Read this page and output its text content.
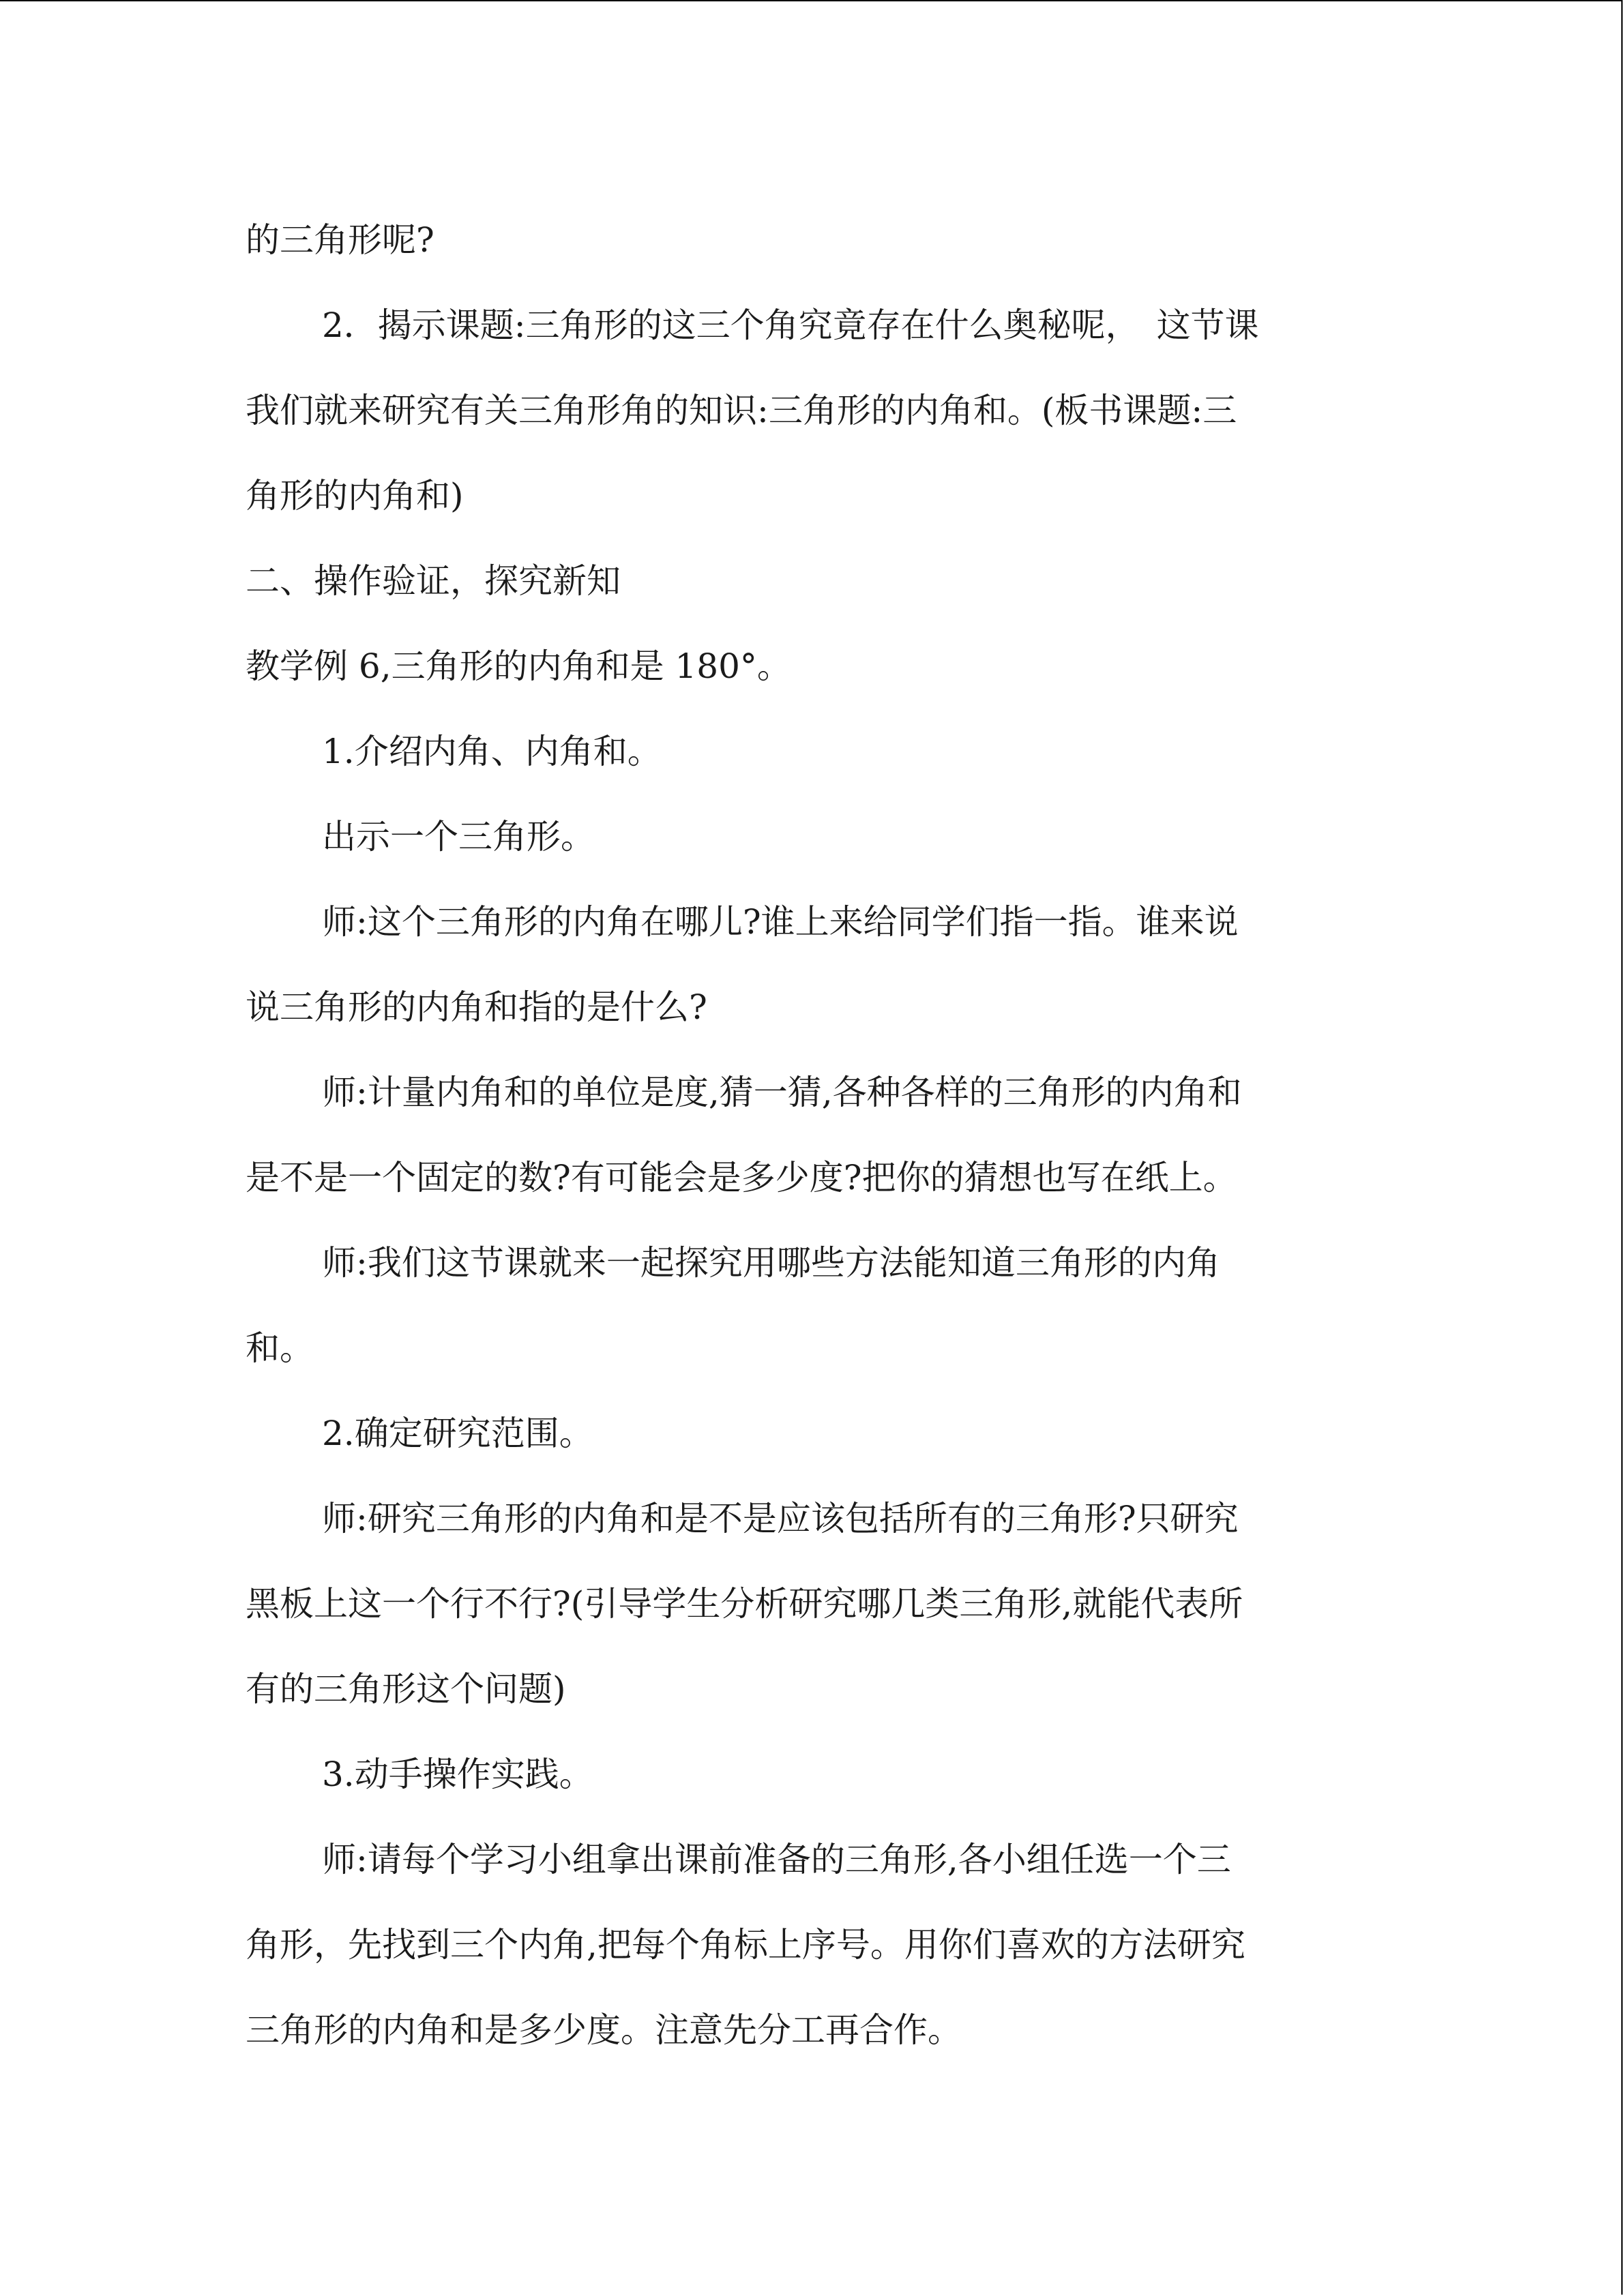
的三角形呢?
2．揭示课题:三角形的这三个角究竟存在什么奥秘呢，　这节课
我们就来研究有关三角形角的知识:三角形的内角和。(板书课题:三
角形的内角和)
二、操作验证，探究新知
教学例 6,三角形的内角和是 180°。
1.介绍内角、内角和。
出示一个三角形。
师:这个三角形的内角在哪儿?谁上来给同学们指一指。谁来说
说三角形的内角和指的是什么?
师:计量内角和的单位是度,猜一猜,各种各样的三角形的内角和
是不是一个固定的数?有可能会是多少度?把你的猜想也写在纸上。
师:我们这节课就来一起探究用哪些方法能知道三角形的内角
和。
2.确定研究范围。
师:研究三角形的内角和是不是应该包括所有的三角形?只研究
黑板上这一个行不行?(引导学生分析研究哪几类三角形,就能代表所
有的三角形这个问题)
3.动手操作实践。
师:请每个学习小组拿出课前准备的三角形,各小组任选一个三
角形，先找到三个内角,把每个角标上序号。用你们喜欢的方法研究
三角形的内角和是多少度。注意先分工再合作。
